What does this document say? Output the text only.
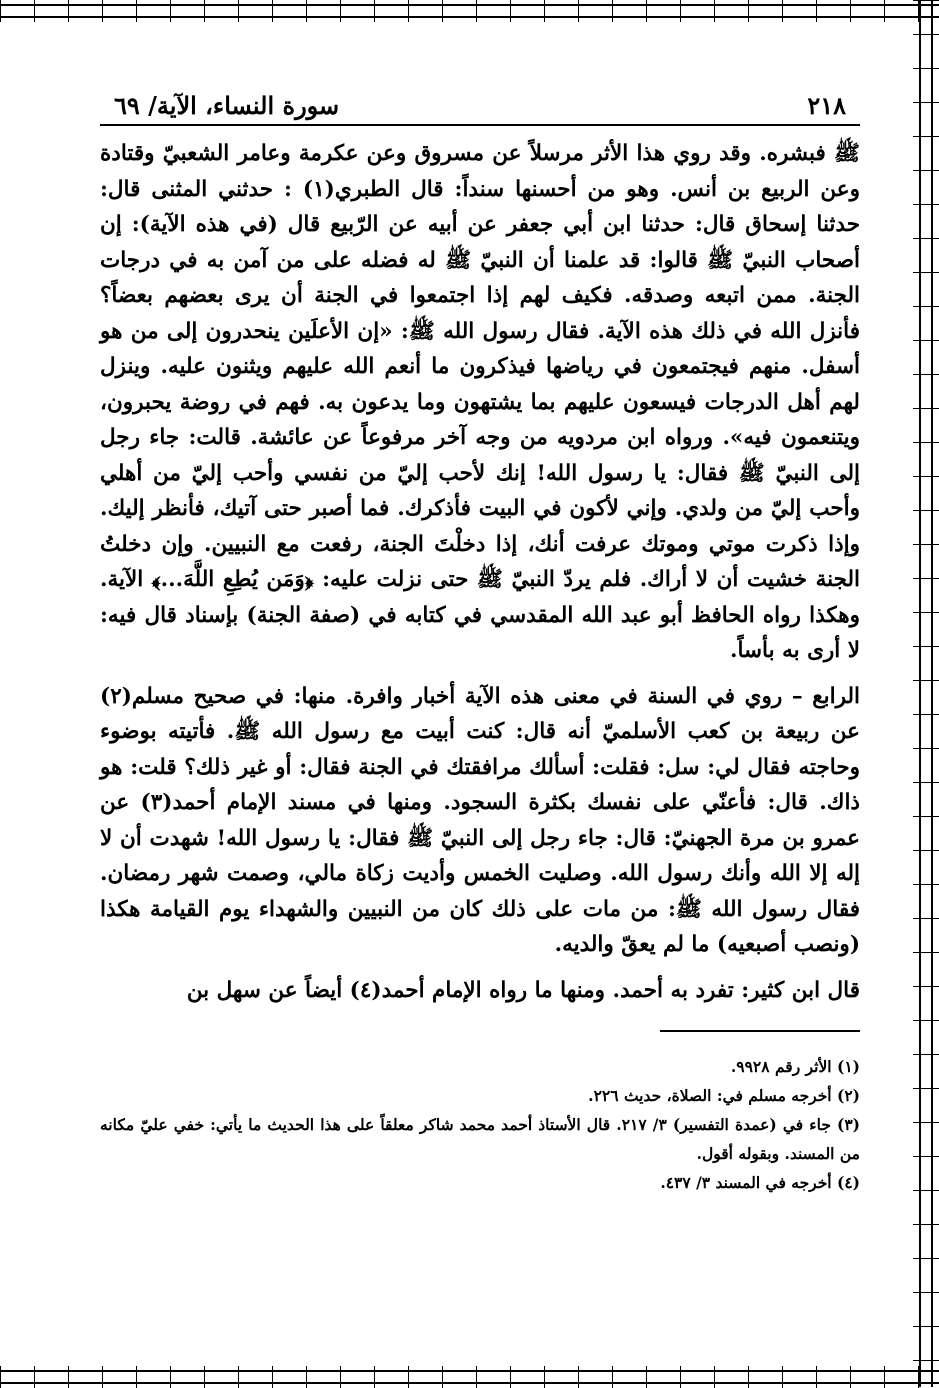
٢١٨
سورة النساء، الآية/ ٦٩

ﷺ فبشره. وقد روي هذا الأثر مرسلاً عن مسروق وعن عكرمة وعامر الشعبيّ وقتادة وعن الربيع بن أنس. وهو من أحسنها سنداً: قال الطبري(١) : حدثني المثنى قال: حدثنا إسحاق قال: حدثنا ابن أبي جعفر عن أبيه عن الرّبيع قال (في هذه الآية): إن أصحاب النبيّ ﷺ قالوا: قد علمنا أن النبيّ ﷺ له فضله على من آمن به في درجات الجنة. ممن اتبعه وصدقه. فكيف لهم إذا اجتمعوا في الجنة أن يرى بعضهم بعضاً؟ فأنزل الله في ذلك هذه الآية. فقال رسول الله ﷺ: «إن الأعلَين ينحدرون إلى من هو أسفل. منهم فيجتمعون في رياضها فيذكرون ما أنعم الله عليهم ويثنون عليه. وينزل لهم أهل الدرجات فيسعون عليهم بما يشتهون وما يدعون به. فهم في روضة يحبرون، ويتنعمون فيه». ورواه ابن مردويه من وجه آخر مرفوعاً عن عائشة. قالت: جاء رجل إلى النبيّ ﷺ فقال: يا رسول الله! إنك لأحب إليّ من نفسي وأحب إليّ من أهلي وأحب إليّ من ولدي. وإني لأكون في البيت فأذكرك. فما أصبر حتى آتيك، فأنظر إليك. وإذا ذكرت موتي وموتك عرفت أنك، إذا دخلْتَ الجنة، رفعت مع النبيين. وإن دخلتُ الجنة خشيت أن لا أراك. فلم يردّ النبيّ ﷺ حتى نزلت عليه: ﴿وَمَن يُطِعِ اللَّهَ...﴾ الآية. وهكذا رواه الحافظ أبو عبد الله المقدسي في كتابه في (صفة الجنة) بإسناد قال فيه: لا أرى به بأساً.

الرابع – روي في السنة في معنى هذه الآية أخبار وافرة. منها: في صحيح مسلم(٢) عن ربيعة بن كعب الأسلميّ أنه قال: كنت أبيت مع رسول الله ﷺ. فأتيته بوضوء وحاجته فقال لي: سل: فقلت: أسألك مرافقتك في الجنة فقال: أو غير ذلك؟ قلت: هو ذاك. قال: فأعنّي على نفسك بكثرة السجود. ومنها في مسند الإمام أحمد(٣) عن عمرو بن مرة الجهنيّ: قال: جاء رجل إلى النبيّ ﷺ فقال: يا رسول الله! شهدت أن لا إله إلا الله وأنك رسول الله. وصليت الخمس وأديت زكاة مالي، وصمت شهر رمضان. فقال رسول الله ﷺ: من مات على ذلك كان من النبيين والشهداء يوم القيامة هكذا (ونصب أصبعيه) ما لم يعقّ والديه.

قال ابن كثير: تفرد به أحمد. ومنها ما رواه الإمام أحمد(٤) أيضاً عن سهل بن

(١) الأثر رقم ٩٩٢٨.
(٢) أخرجه مسلم في: الصلاة، حديث ٢٢٦.
(٣) جاء في (عمدة التفسير) ٣/ ٢١٧. قال الأستاذ أحمد محمد شاكر معلقاً على هذا الحديث ما يأتي: خفي عليّ مكانه من المسند. وبقوله أقول.
(٤) أخرجه في المسند ٣/ ٤٣٧.
